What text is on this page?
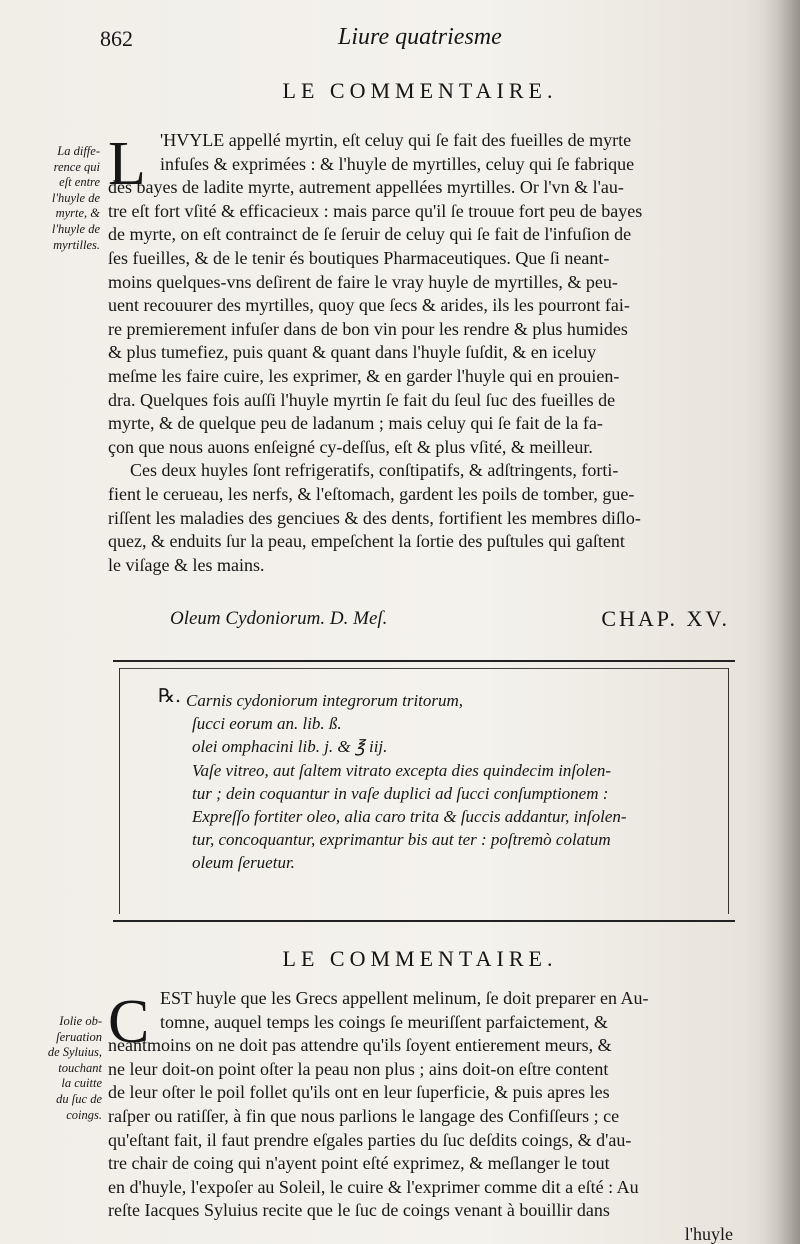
862	Liure quatriesme
LE COMMENTAIRE.
La diffe-
rence qui
eſt entre
l'huyle de
myrte, &
l'huyle de
myrtilles.
L 'HVYLE appellé myrtin, eſt celuy qui ſe fait des fueilles de myrte
infuſes & exprimées : & l'huyle de myrtilles, celuy qui ſe fabrique
des bayes de ladite myrte, autrement appellées myrtilles. Or l'vn & l'au-
tre eſt fort vſité & efficacieux : mais parce qu'il ſe trouue fort peu de bayes
de myrte, on eſt contrainct de ſe ſeruir de celuy qui ſe fait de l'infuſion de
ſes fueilles, & de le tenir és boutiques Pharmaceutiques. Que ſi neant-
moins quelques-vns deſirent de faire le vray huyle de myrtilles, & peu-
uent recouurer des myrtilles, quoy que ſecs & arides, ils les pourront fai-
re premierement infuſer dans de bon vin pour les rendre & plus humides
& plus tumefiez, puis quant & quant dans l'huyle ſuſdit, & en iceluy
meſme les faire cuire, les exprimer, & en garder l'huyle qui en prouien-
dra. Quelques fois auſſi l'huyle myrtin ſe fait du ſeul ſuc des fueilles de
myrte, & de quelque peu de ladanum ; mais celuy qui ſe fait de la fa-
çon que nous auons enſeigné cy-deſſus, eſt & plus vſité, & meilleur.
Ces deux huyles ſont refrigeratifs, conſtipatifs, & adſtringents, forti-
fient le cerueau, les nerfs, & l'eſtomach, gardent les poils de tomber, gue-
riſſent les maladies des genciues & des dents, fortifient les membres diſlo-
quez, & enduits ſur la peau, empeſchent la ſortie des puſtules qui gaſtent
le viſage & les mains.
Oleum Cydoniorum. D. Meſ.	CHAP. XV.
℞. Carnis cydoniorum integrorum tritorum,
ſucci eorum an. lib. ß.
olei omphacini lib. j. & ℥ iij.
Vaſe vitreo, aut ſaltem vitrato excepta dies quindecim inſolen-
tur ; dein coquantur in vaſe duplici ad ſucci conſumptionem :
Expreſſo fortiter oleo, alia caro trita & ſuccis addantur, inſolen-
tur, concoquantur, exprimantur bis aut ter : poſtremò colatum
oleum ſeruetur.
LE COMMENTAIRE.
Iolie ob-
ſeruation
de Syluius,
touchant
la cuitte
du ſuc de
coings.
C EST huyle que les Grecs appellent melinum, ſe doit preparer en Au-
tomne, auquel temps les coings ſe meuriſſent parfaictement, &
neantmoins on ne doit pas attendre qu'ils ſoyent entierement meurs, &
ne leur doit-on point oſter la peau non plus ; ains doit-on eſtre content
de leur oſter le poil follet qu'ils ont en leur ſuperficie, & puis apres les
raſper ou ratiſſer, à fin que nous parlions le langage des Confiſſeurs ; ce
qu'eſtant fait, il faut prendre eſgales parties du ſuc deſdits coings, & d'au-
tre chair de coing qui n'ayent point eſté exprimez, & meſlanger le tout
en d'huyle, l'expoſer au Soleil, le cuire & l'exprimer comme dit a eſté : Au
reſte Iacques Syluius recite que le ſuc de coings venant à bouillir dans
l'huyle
